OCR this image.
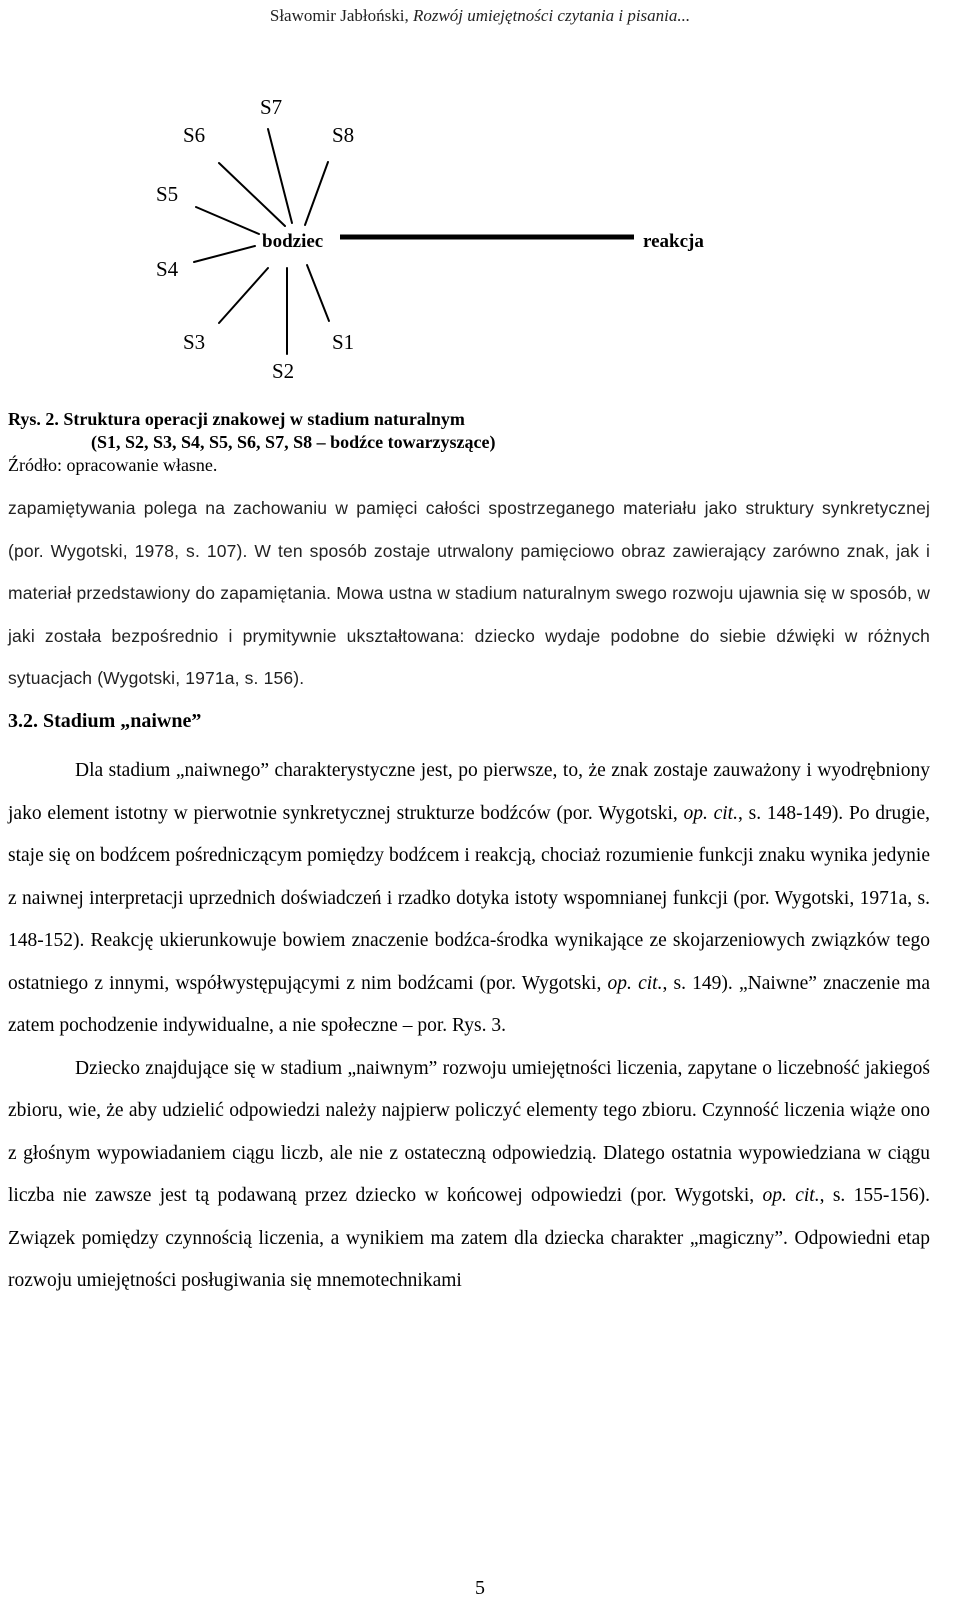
Sławomir Jabłoński, Rozwój umiejętności czytania i pisania...
S7
S6	S8
S5
bodziec	reakcja
S4
S3	S1
S2
Rys. 2. Struktura operacji znakowej w stadium naturalnym
(S1, S2, S3, S4, S5, S6, S7, S8 – bodźce towarzyszące)
Źródło: opracowanie własne.

zapamiętywania polega na zachowaniu w pamięci całości spostrzeganego materiału jako struktury synkretycznej (por. Wygotski, 1978, s. 107). W ten sposób zostaje utrwalony pamięciowo obraz zawierający zarówno znak, jak i materiał przedstawiony do zapamiętania. Mowa ustna w stadium naturalnym swego rozwoju ujawnia się w sposób, w jaki została bezpośrednio i prymitywnie ukształtowana: dziecko wydaje podobne do siebie dźwięki w różnych sytuacjach (Wygotski, 1971a, s. 156).

3.2. Stadium „naiwne”

Dla stadium „naiwnego” charakterystyczne jest, po pierwsze, to, że znak zostaje zauważony i wyodrębniony jako element istotny w pierwotnie synkretycznej strukturze bodźców (por. Wygotski, op. cit., s. 148-149). Po drugie, staje się on bodźcem pośredniczącym pomiędzy bodźcem i reakcją, chociaż rozumienie funkcji znaku wynika jedynie z naiwnej interpretacji uprzednich doświadczeń i rzadko dotyka istoty wspomnianej funkcji (por. Wygotski, 1971a, s. 148-152). Reakcję ukierunkowuje bowiem znaczenie bodźca-środka wynikające ze skojarzeniowych związków tego ostatniego z innymi, współwystępującymi z nim bodźcami (por. Wygotski, op. cit., s. 149). „Naiwne” znaczenie ma zatem pochodzenie indywidualne, a nie społeczne – por. Rys. 3.

Dziecko znajdujące się w stadium „naiwnym” rozwoju umiejętności liczenia, zapytane o liczebność jakiegoś zbioru, wie, że aby udzielić odpowiedzi należy najpierw policzyć elementy tego zbioru. Czynność liczenia wiąże ono z głośnym wypowiadaniem ciągu liczb, ale nie z ostateczną odpowiedzią. Dlatego ostatnia wypowiedziana w ciągu liczba nie zawsze jest tą podawaną przez dziecko w końcowej odpowiedzi (por. Wygotski, op. cit., s. 155-156). Związek pomiędzy czynnością liczenia, a wynikiem ma zatem dla dziecka charakter „magiczny”. Odpowiedni etap rozwoju umiejętności posługiwania się mnemotechnikami

5
